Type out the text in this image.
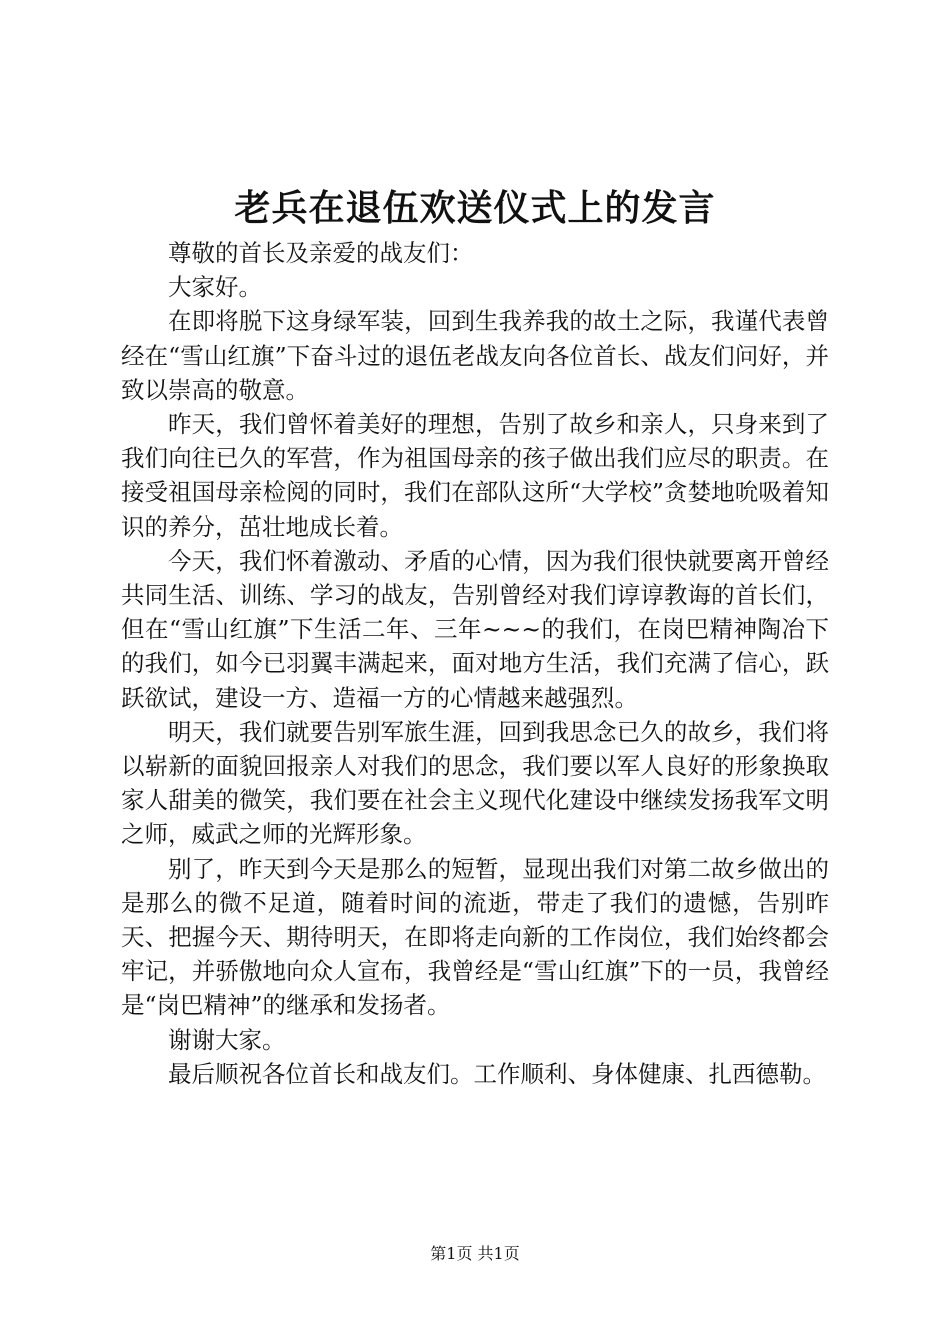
老兵在退伍欢送仪式上的发言

尊敬的首长及亲爱的战友们：

大家好。

在即将脱下这身绿军装，回到生我养我的故土之际，我谨代表曾经在“雪山红旗”下奋斗过的退伍老战友向各位首长、战友们问好，并致以崇高的敬意。

昨天，我们曾怀着美好的理想，告别了故乡和亲人，只身来到了我们向往已久的军营，作为祖国母亲的孩子做出我们应尽的职责。在接受祖国母亲检阅的同时，我们在部队这所“大学校”贪婪地吮吸着知识的养分，茁壮地成长着。

今天，我们怀着激动、矛盾的心情，因为我们很快就要离开曾经共同生活、训练、学习的战友，告别曾经对我们谆谆教诲的首长们，但在“雪山红旗”下生活二年、三年~~~的我们，在岗巴精神陶冶下的我们，如今已羽翼丰满起来，面对地方生活，我们充满了信心，跃跃欲试，建设一方、造福一方的心情越来越强烈。

明天，我们就要告别军旅生涯，回到我思念已久的故乡，我们将以崭新的面貌回报亲人对我们的思念，我们要以军人良好的形象换取家人甜美的微笑，我们要在社会主义现代化建设中继续发扬我军文明之师，威武之师的光辉形象。

别了，昨天到今天是那么的短暂，显现出我们对第二故乡做出的是那么的微不足道，随着时间的流逝，带走了我们的遗憾，告别昨天、把握今天、期待明天，在即将走向新的工作岗位，我们始终都会牢记，并骄傲地向众人宣布，我曾经是“雪山红旗”下的一员，我曾经是“岗巴精神”的继承和发扬者。

谢谢大家。

最后顺祝各位首长和战友们。工作顺利、身体健康、扎西德勒。

第1页 共1页
